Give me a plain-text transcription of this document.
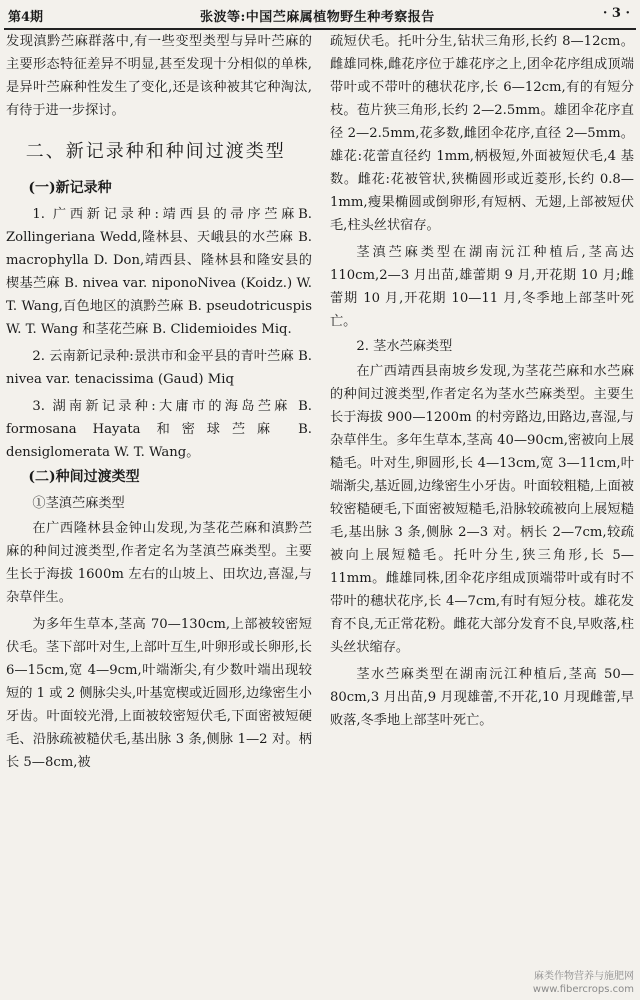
第4期	张波等:中国苎麻属植物野生种考察报告	· 3 ·

发现滇黔苎麻群落中,有一些变型类型与异叶苎麻的主要形态特征差异不明显,甚至发现十分相似的单株,是异叶苎麻种性发生了变化,还是该种被其它种淘汰,有待于进一步探讨。

二、新记录种和种间过渡类型
(一)新记录种

1. 广西新记录种:靖西县的帚序苎麻B. Zollingeriana Wedd,隆林县、天峨县的水苎麻 B. macrophylla D. Don,靖西县、隆林县和隆安县的楔基苎麻 B. nivea var. niponoNivea (Koidz.) W. T. Wang,百色地区的滇黔苎麻 B. pseudotricuspis W. T. Wang 和茎花苎麻 B. Clidemioides Miq.

2. 云南新记录种:景洪市和金平县的青叶苎麻 B. nivea var. tenacissima (Gaud) Miq

3. 湖南新记录种:大庸市的海岛苎麻 B. formosana Hayata 和密球苎麻 B. densiglomerata W. T. Wang。

(二)种间过渡类型
①茎滇苎麻类型

在广西隆林县金钟山发现,为茎花苎麻和滇黔苎麻的种间过渡类型,作者定名为茎滇苎麻类型。主要生长于海拔 1600m 左右的山坡上、田坎边,喜湿,与杂草伴生。

为多年生草本,茎高 70—130cm,上部被较密短伏毛。茎下部叶对生,上部叶互生,叶卵形或长卵形,长 6—15cm,宽 4—9cm,叶端渐尖,有少数叶端出现较短的 1 或 2 侧脉尖头,叶基宽楔或近圆形,边缘密生小牙齿。叶面较光滑,上面被较密短伏毛,下面密被短硬毛、沿脉疏被糙伏毛,基出脉 3 条,侧脉 1—2 对。柄长 5—8cm,被

疏短伏毛。托叶分生,钻状三角形,长约 8—12cm。雌雄同株,雌花序位于雄花序之上,团伞花序组成顶端带叶或不带叶的穗状花序,长 6—12cm,有的有短分枝。苞片狭三角形,长约 2—2.5mm。雄团伞花序直径 2—2.5mm,花多数,雌团伞花序,直径 2—5mm。雄花:花蕾直径约 1mm,柄极短,外面被短伏毛,4 基数。雌花:花被管状,狭椭圆形或近菱形,长约 0.8—1mm,瘦果椭圆或倒卵形,有短柄、无翅,上部被短伏毛,柱头丝状宿存。

茎滇苎麻类型在湖南沅江种植后,茎高达 110cm,2—3 月出苗,雄蕾期 9 月,开花期 10 月;雌蕾期 10 月,开花期 10—11 月,冬季地上部茎叶死亡。

2. 茎水苎麻类型

在广西靖西县南坡乡发现,为茎花苎麻和水苎麻的种间过渡类型,作者定名为茎水苎麻类型。主要生长于海拔 900—1200m 的村旁路边,田路边,喜湿,与杂草伴生。多年生草本,茎高 40—90cm,密被向上展糙毛。叶对生,卵圆形,长 4—13cm,宽 3—11cm,叶端渐尖,基近圆,边缘密生小牙齿。叶面较粗糙,上面被较密糙硬毛,下面密被短糙毛,沿脉较疏被向上展短糙毛,基出脉 3 条,侧脉 2—3 对。柄长 2—7cm,较疏被向上展短糙毛。托叶分生,狭三角形,长 5—11mm。雌雄同株,团伞花序组成顶端带叶或有时不带叶的穗状花序,长 4—7cm,有时有短分枝。雄花发育不良,无正常花粉。雌花大部分发育不良,早败落,柱头丝状缩存。

茎水苎麻类型在湖南沅江种植后,茎高 50—80cm,3 月出苗,9 月现雄蕾,不开花,10 月现雌蕾,早败落,冬季地上部茎叶死亡。

麻类作物营养与施肥网
www.fibercrops.com
